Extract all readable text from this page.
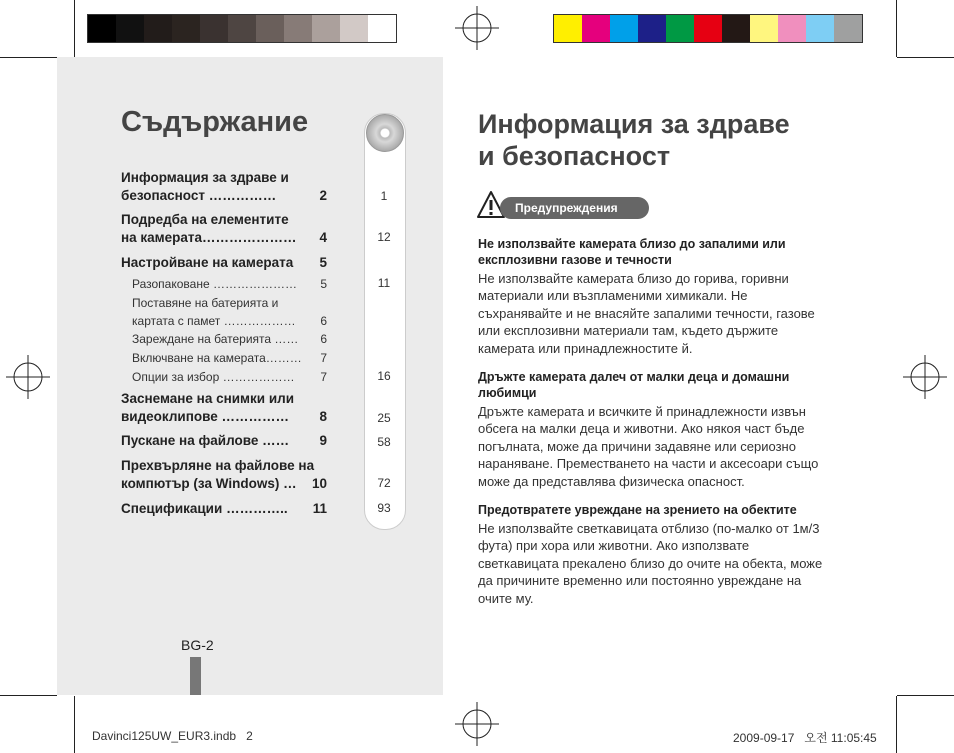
Съдържание
Информация за здраве и
безопасност ……………	2
Подредба на елементите
на камерата………………… 4
Настройване на камерата 5
Разопаковане ………………… 5
Поставяне на батерията и
картата с памет ……………… 6
Зареждане на батерията …… 6
Включване на камерата……… 7
Опции за избор ……………… 7
Заснемане на снимки или
видеоклипове …………… 8
Пускане на файлове …… 9
Прехвърляне на файлове на
компютър (за Windows) … 10
Спецификации ………….. 11
1
12
11
16
25
58
72
93
BG-2
Информация за здраве
и безопасност
Предупреждения
Не използвайте камерата близо до запалими или експлозивни газове и течности
Не използвайте камерата близо до горива, горивни материали или възпламеними химикали. Не съхранявайте и не внасяйте запалими течности, газове или експлозивни материали там, където държите камерата или принадлежностите й.
Дръжте камерата далеч от малки деца и домашни любимци
Дръжте камерата и всичките й принадлежности извън обсега на малки деца и животни. Ако някоя част бъде погълната, може да причини задавяне или сериозно нараняване. Преместването на части и аксесоари също може да представлява физическа опасност.
Предотвратете увреждане на зрението на обектите
Не използвайте светкавицата отблизо (по-малко от 1м/3 фута) при хора или живoтни. Ако използвате светкавицата прекалено близо до очите на обекта, може да причините временно или постоянно увреждане на очите му.
Davinci125UW_EUR3.indb   2	2009-09-17   오전 11:05:45
